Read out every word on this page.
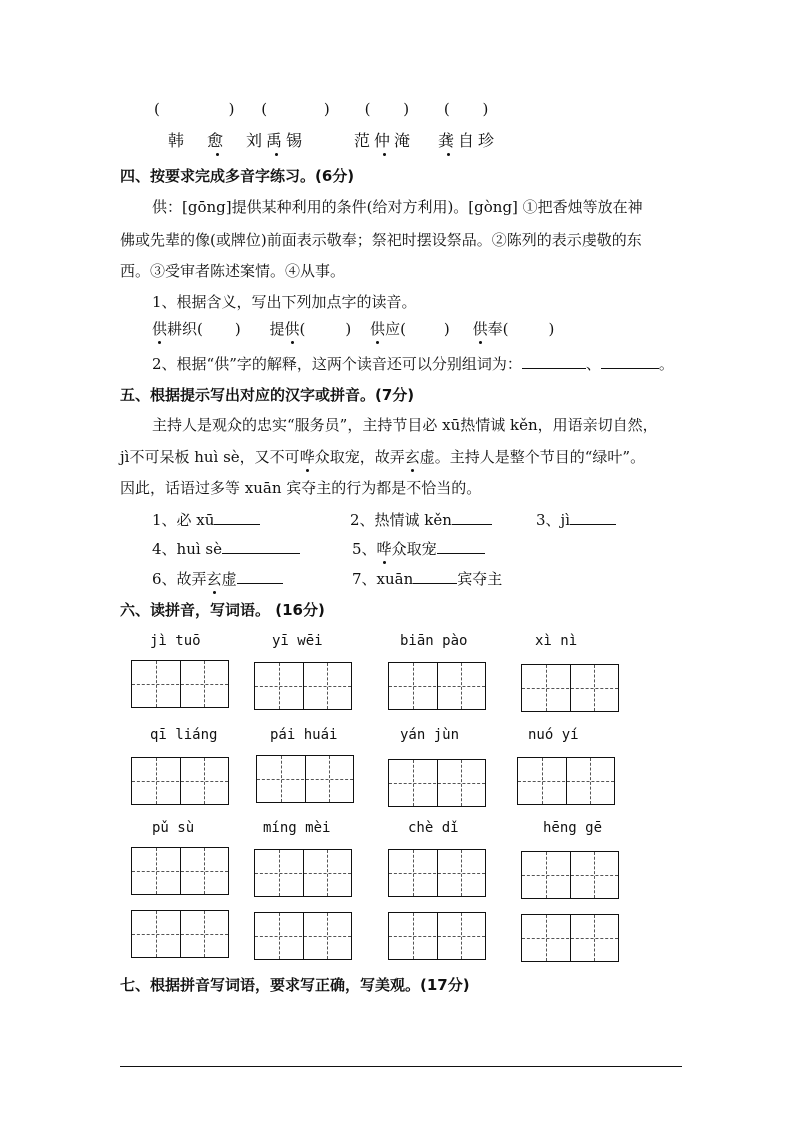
(	) (	) ( ) ( )
韩 愈 刘禹锡	范仲淹 龚自珍
四、按要求完成多音字练习。(6分)
供：[gōng]提供某种利用的条件(给对方利用)。[gòng] ①把香烛等放在神
佛或先辈的像(或牌位)前面表示敬奉；祭祀时摆设祭品。②陈列的表示虔敬的东
西。③受审者陈述案情。④从事。
1、根据含义，写出下列加点字的读音。
供耕织( ) 提供(	) 供应(	) 供奉(	)
2、根据“供”字的解释，这两个读音还可以分别组词为：	、	。
五、根据提示写出对应的汉字或拼音。(7分)
主持人是观众的忠实“服务员”，主持节目必 xū热情诚 kěn，用语亲切自然，
jì不可呆板 huì sè，又不可哗众取宠，故弄玄虚。主持人是整个节目的“绿叶”。
因此，话语过多等 xuān 宾夺主的行为都是不恰当的。
1、必 xū	2、热情诚 kěn	3、jì
4、huì sè	5、哗众取宠
6、故弄玄虚	7、xuān	宾夺主
六、读拼音，写词语。 (16分)
jì tuō	yī wēi	biān pào	xì nì
qī liáng	pái huái	yán jùn	nuó yí
pǔ sù	míng mèi	chè dǐ	hēng gē
七、根据拼音写词语，要求写正确，写美观。(17分)
